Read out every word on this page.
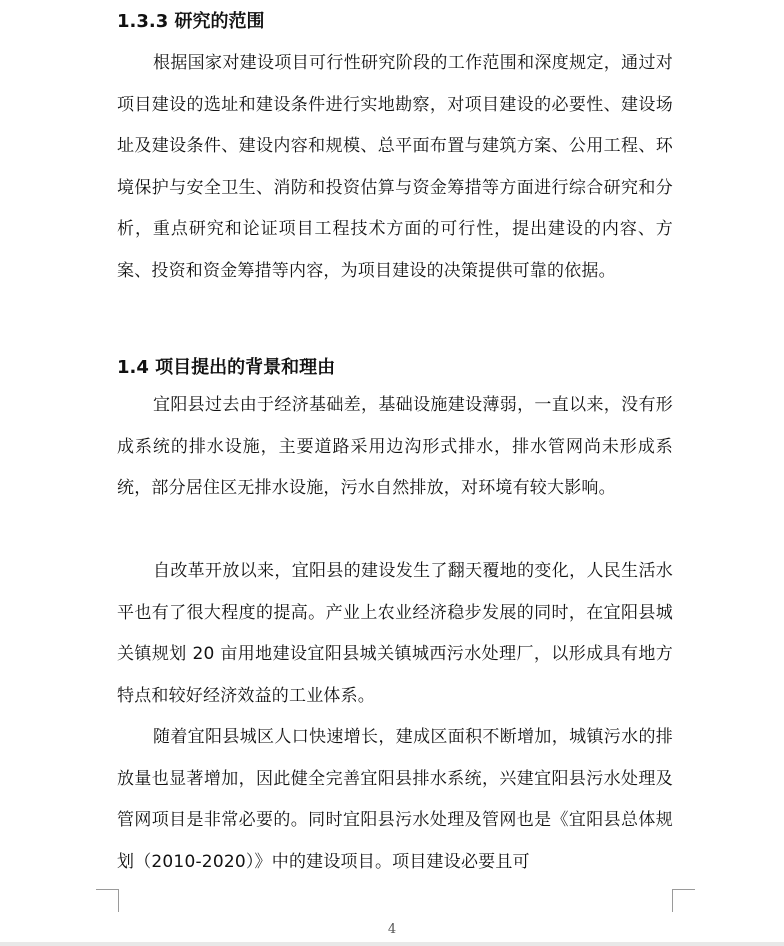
1.3.3 研究的范围

根据国家对建设项目可行性研究阶段的工作范围和深度规定，通过对项目建设的选址和建设条件进行实地勘察，对项目建设的必要性、建设场址及建设条件、建设内容和规模、总平面布置与建筑方案、公用工程、环境保护与安全卫生、消防和投资估算与资金筹措等方面进行综合研究和分析，重点研究和论证项目工程技术方面的可行性，提出建设的内容、方案、投资和资金筹措等内容，为项目建设的决策提供可靠的依据。

1.4 项目提出的背景和理由

宜阳县过去由于经济基础差，基础设施建设薄弱，一直以来，没有形成系统的排水设施，主要道路采用边沟形式排水，排水管网尚未形成系统，部分居住区无排水设施，污水自然排放，对环境有较大影响。

自改革开放以来，宜阳县的建设发生了翻天覆地的变化，人民生活水平也有了很大程度的提高。产业上农业经济稳步发展的同时，在宜阳县城关镇规划 20 亩用地建设宜阳县城关镇城西污水处理厂，以形成具有地方特点和较好经济效益的工业体系。

随着宜阳县城区人口快速增长，建成区面积不断增加，城镇污水的排放量也显著增加，因此健全完善宜阳县排水系统，兴建宜阳县污水处理及管网项目是非常必要的。同时宜阳县污水处理及管网也是《宜阳县总体规划（2010-2020）》中的建设项目。项目建设必要且可

4
